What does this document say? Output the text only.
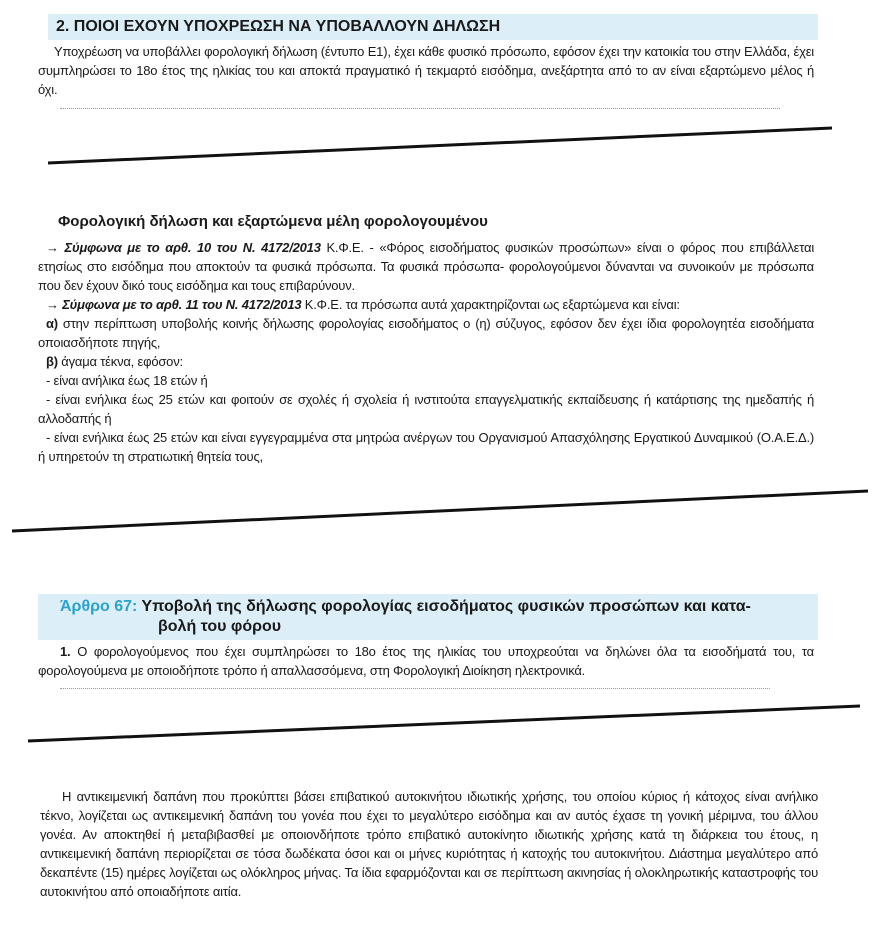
2. ΠΟΙΟΙ ΕΧΟΥΝ ΥΠΟΧΡΕΩΣΗ ΝΑ ΥΠΟΒΑΛΛΟΥΝ ΔΗΛΩΣΗ
Υποχρέωση να υποβάλλει φορολογική δήλωση (έντυπο Ε1), έχει κάθε φυσικό πρόσωπο, εφόσον έχει την κατοικία του στην Ελλάδα, έχει συμπληρώσει το 18ο έτος της ηλικίας του και αποκτά πραγματικό ή τεκμαρτό εισόδημα, ανεξάρτητα από το αν είναι εξαρτώμενο μέλος ή όχι.
Φορολογική δήλωση και εξαρτώμενα μέλη φορολογουμένου
→ Σύμφωνα με το αρθ. 10 του Ν. 4172/2013 Κ.Φ.Ε. - «Φόρος εισοδήματος φυσικών προσώπων» είναι ο φόρος που επιβάλλεται ετησίως στο εισόδημα που αποκτούν τα φυσικά πρόσωπα. Τα φυσικά πρόσωπα- φορολογούμενοι δύνανται να συνοικούν με πρόσωπα που δεν έχουν δικό τους εισόδημα και τους επιβαρύνουν.
→ Σύμφωνα με το αρθ. 11 του Ν. 4172/2013 Κ.Φ.Ε. τα πρόσωπα αυτά χαρακτηρίζονται ως εξαρτώμενα και είναι:
α) στην περίπτωση υποβολής κοινής δήλωσης φορολογίας εισοδήματος ο (η) σύζυγος, εφόσον δεν έχει ίδια φορολογητέα εισοδήματα οποιασδήποτε πηγής,
β) άγαμα τέκνα, εφόσον:
- είναι ανήλικα έως 18 ετών ή
- είναι ενήλικα έως 25 ετών και φοιτούν σε σχολές ή σχολεία ή ινστιτούτα επαγγελματικής εκπαίδευσης ή κατάρτισης της ημεδαπής ή αλλοδαπής ή
- είναι ενήλικα έως 25 ετών και είναι εγγεγραμμένα στα μητρώα ανέργων του Οργανισμού Απασχόλησης Εργατικού Δυναμικού (Ο.Α.Ε.Δ.) ή υπηρετούν τη στρατιωτική θητεία τους,
Άρθρο 67: Υποβολή της δήλωσης φορολογίας εισοδήματος φυσικών προσώπων και κατα-
βολή του φόρου
1. Ο φορολογούμενος που έχει συμπληρώσει το 18ο έτος της ηλικίας του υποχρεούται να δηλώνει όλα τα εισοδήματά του, τα φορολογούμενα με οποιοδήποτε τρόπο ή απαλλασσόμενα, στη Φορολογική Διοίκηση ηλεκτρονικά.
Η αντικειμενική δαπάνη που προκύπτει βάσει επιβατικού αυτοκινήτου ιδιωτικής χρήσης, του οποίου κύριος ή κάτοχος είναι ανήλικο τέκνο, λογίζεται ως αντικειμενική δαπάνη του γονέα που έχει το μεγαλύτερο εισόδημα και αν αυτός έχασε τη γονική μέριμνα, του άλλου γονέα. Αν αποκτηθεί ή μεταβιβασθεί με οποιονδήποτε τρόπο επιβατικό αυτοκίνητο ιδιωτικής χρήσης κατά τη διάρκεια του έτους, η αντικειμενική δαπάνη περιορίζεται σε τόσα δωδέκατα όσοι και οι μήνες κυριότητας ή κατοχής του αυτοκινήτου. Διάστημα μεγαλύτερο από δεκαπέντε (15) ημέρες λογίζεται ως ολόκληρος μήνας. Τα ίδια εφαρμόζονται και σε περίπτωση ακινησίας ή ολοκληρωτικής καταστροφής του αυτοκινήτου από οποιαδήποτε αιτία.
